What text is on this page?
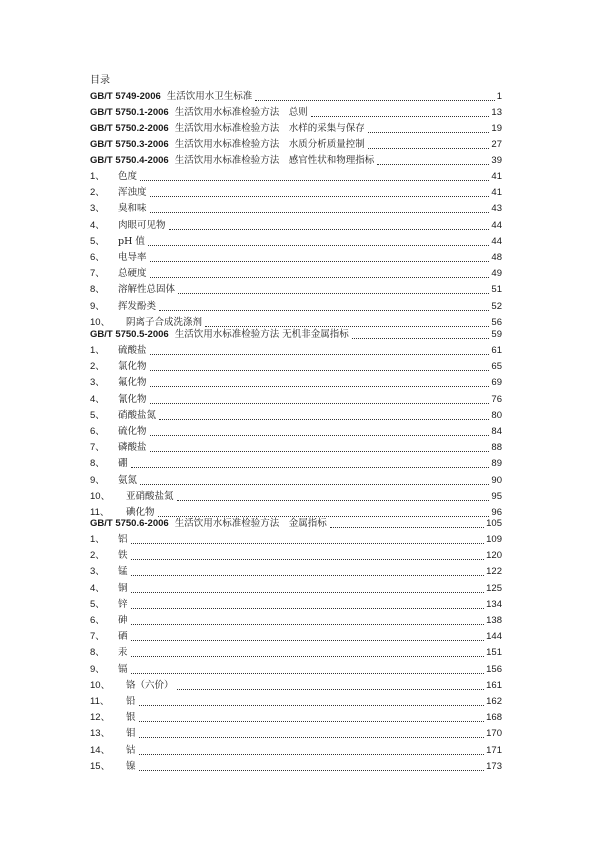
目录
GB/T 5749-2006 生活饮用水卫生标准	1
GB/T 5750.1-2006 生活饮用水标准检验方法　总则	13
GB/T 5750.2-2006 生活饮用水标准检验方法　水样的采集与保存	19
GB/T 5750.3-2006 生活饮用水标准检验方法　水质分析质量控制	27
GB/T 5750.4-2006 生活饮用水标准检验方法　感官性状和物理指标	39
1、	色度	41
2、	浑浊度	41
3、	臭和味	43
4、	肉眼可见物	44
5、	pH 值	44
6、	电导率	48
7、	总硬度	49
8、	溶解性总固体	51
9、	挥发酚类	52
10、	阴离子合成洗涤剂	56
GB/T 5750.5-2006 生活饮用水标准检验方法 无机非金属指标	59
1、	硫酸盐	61
2、	氯化物	65
3、	氟化物	69
4、	氰化物	76
5、	硝酸盐氮	80
6、	硫化物	84
7、	磷酸盐	88
8、	硼	89
9、	氨氮	90
10、	亚硝酸盐氮	95
11、	碘化物	96
GB/T 5750.6-2006 生活饮用水标准检验方法　金属指标	105
1、	铝	109
2、	铁	120
3、	锰	122
4、	铜	125
5、	锌	134
6、	砷	138
7、	硒	144
8、	汞	151
9、	镉	156
10、	铬（六价）	161
11、	铅	162
12、	银	168
13、	钼	170
14、	钴	171
15、	镍	173
